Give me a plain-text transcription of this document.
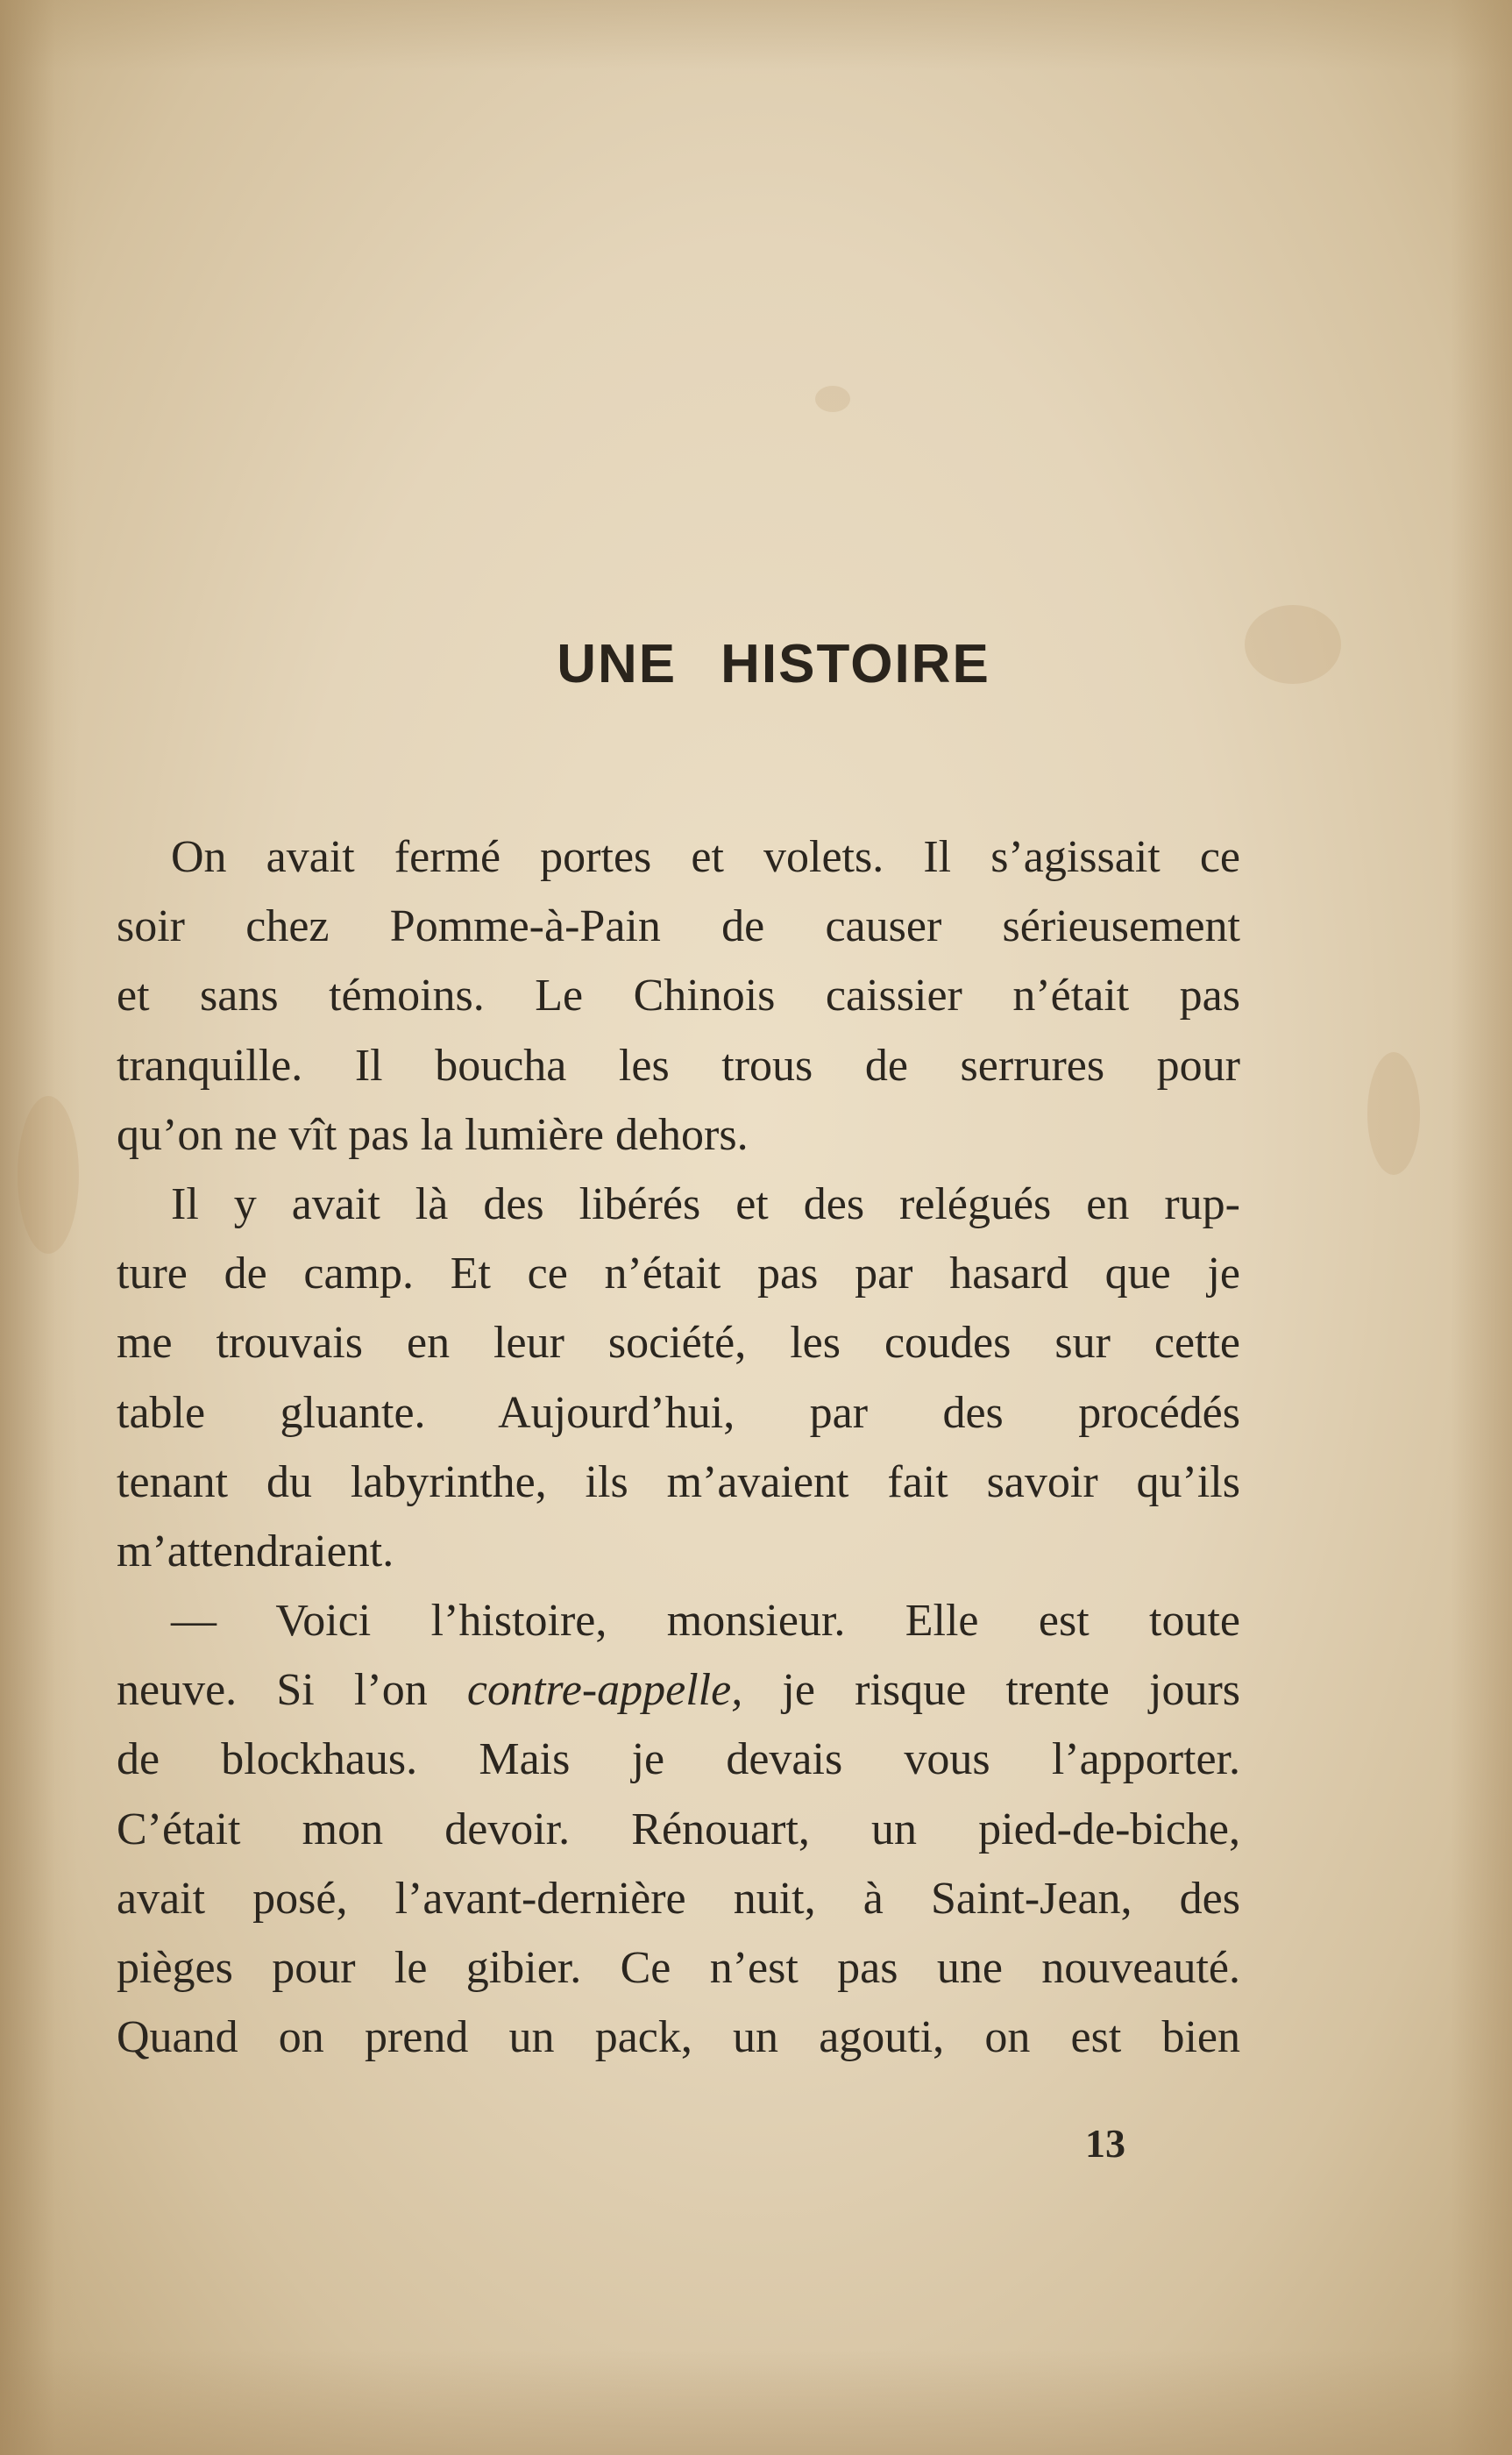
UNE HISTOIRE
On avait fermé portes et volets. Il s’agissait ce
soir chez Pomme-à-Pain de causer sérieusement
et sans témoins. Le Chinois caissier n’était pas
tranquille. Il boucha les trous de serrures pour
qu’on ne vît pas la lumière dehors.
Il y avait là des libérés et des relégués en rup-
ture de camp. Et ce n’était pas par hasard que je
me trouvais en leur société, les coudes sur cette
table gluante. Aujourd’hui, par des procédés
tenant du labyrinthe, ils m’avaient fait savoir qu’ils
m’attendraient.
— Voici l’histoire, monsieur. Elle est toute
neuve. Si l’on contre-appelle, je risque trente jours
de blockhaus. Mais je devais vous l’apporter.
C’était mon devoir. Rénouart, un pied-de-biche,
avait posé, l’avant-dernière nuit, à Saint-Jean, des
pièges pour le gibier. Ce n’est pas une nouveauté.
Quand on prend un pack, un agouti, on est bien
13
